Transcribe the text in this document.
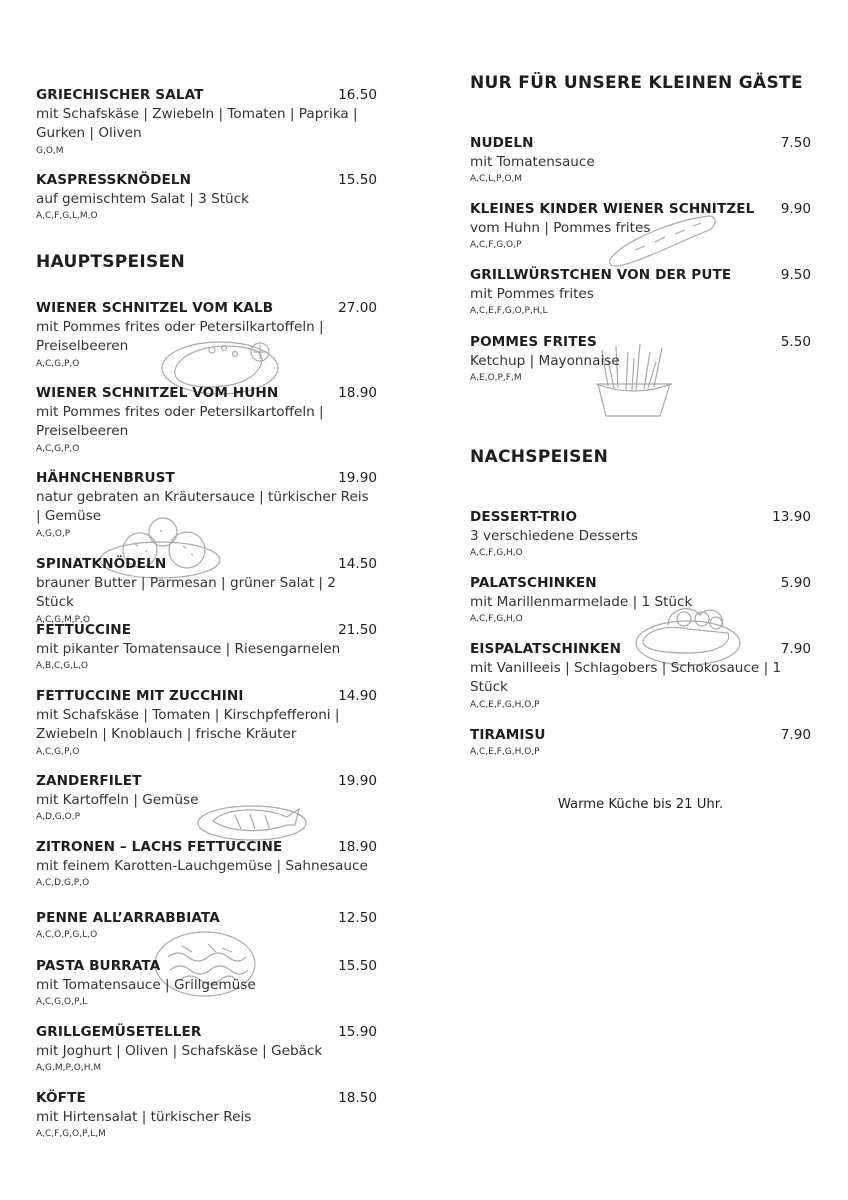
GRIECHISCHER SALAT	16.50
mit Schafskäse | Zwiebeln | Tomaten | Paprika | Gurken | Oliven
G,O,M
KASPRESSKNÖDELN	15.50
auf gemischtem Salat | 3 Stück
A,C,F,G,L,M,O
HAUPTSPEISEN
WIENER SCHNITZEL VOM KALB	27.00
mit Pommes frites oder Petersilkartoffeln | Preiselbeeren
A,C,G,P,O
WIENER SCHNITZEL VOM HUHN	18.90
mit Pommes frites oder Petersilkartoffeln | Preiselbeeren
A,C,G,P,O
HÄHNCHENBRUST	19.90
natur gebraten an Kräutersauce | türkischer Reis | Gemüse
A,G,O,P
SPINATKNÖDELN	14.50
brauner Butter | Parmesan | grüner Salat | 2 Stück
A,C,G,M,P,O
FETTUCCINE	21.50
mit pikanter Tomatensauce | Riesengarnelen
A,B,C,G,L,O
FETTUCCINE MIT ZUCCHINI	14.90
mit Schafskäse | Tomaten | Kirschpfefferoni | Zwiebeln | Knoblauch | frische Kräuter
A,C,G,P,O
ZANDERFILET	19.90
mit Kartoffeln | Gemüse
A,D,G,O,P
ZITRONEN – LACHS FETTUCCINE	18.90
mit feinem Karotten-Lauchgemüse | Sahnesauce
A,C,D,G,P,O
PENNE ALL’ARRABBIATA	12.50
A,C,O,P,G,L,O
PASTA BURRATA	15.50
mit Tomatensauce | Grillgemüse
A,C,G,O,P,L
GRILLGEMÜSETELLER	15.90
mit Joghurt | Oliven | Schafskäse | Gebäck
A,G,M,P,O,H,M
KÖFTE	18.50
mit Hirtensalat | türkischer Reis
A,C,F,G,O,P,L,M
NUR FÜR UNSERE KLEINEN GÄSTE
NUDELN	7.50
mit Tomatensauce
A,C,L,P,O,M
KLEINES KINDER WIENER SCHNITZEL	9.90
vom Huhn | Pommes frites
A,C,F,G,O,P
GRILLWÜRSTCHEN VON DER PUTE	9.50
mit Pommes frites
A,C,E,F,G,O,P,H,L
POMMES FRITES	5.50
Ketchup | Mayonnaise
A,E,O,P,F,M
NACHSPEISEN
DESSERT-TRIO	13.90
3 verschiedene Desserts
A,C,F,G,H,O
PALATSCHINKEN	5.90
mit Marillenmarmelade | 1 Stück
A,C,F,G,H,O
EISPALATSCHINKEN	7.90
mit Vanilleeis | Schlagobers | Schokosauce | 1 Stück
A,C,E,F,G,H,O,P
TIRAMISU	7.90
A,C,E,F,G,H,O,P
Warme Küche bis 21 Uhr.
